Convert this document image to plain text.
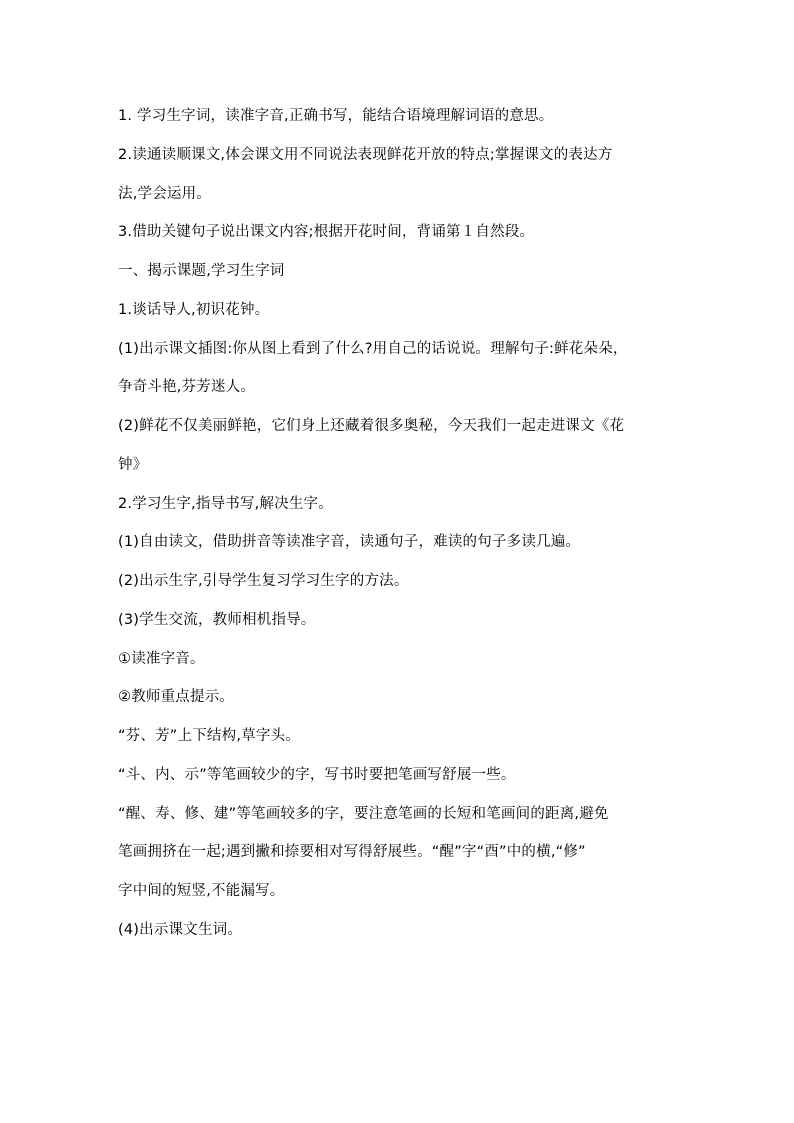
1. 学习生字词，读准字音,正确书写，能结合语境理解词语的意思。
2.读通读顺课文,体会课文用不同说法表现鲜花开放的特点;掌握课文的表达方
法,学会运用。
3.借助关键句子说出课文内容;根据开花时间，背诵第１自然段。
一、揭示课题,学习生字词
1.谈话导人,初识花钟。
(1)出示课文插图:你从图上看到了什么?用自己的话说说。理解句子:鲜花朵朵，
争奇斗艳,芬芳迷人。
(2)鲜花不仅美丽鲜艳，它们身上还藏着很多奥秘，今天我们一起走进课文《花
钟》
2.学习生字,指导书写,解决生字。
(1)自由读文，借助拼音等读准字音，读通句子，难读的句子多读几遍。
(2)出示生字,引导学生复习学习生字的方法。
(3)学生交流，教师相机指导。
①读准字音。
②教师重点提示。
“芬、芳”上下结构,草字头。
“斗、内、示”等笔画较少的字，写书时要把笔画写舒展一些。
“醒、寿、修、建”等笔画较多的字，要注意笔画的长短和笔画间的距离,避免
笔画拥挤在一起;遇到撇和捺要相对写得舒展些。“醒”字“酉”中的横,“修”
字中间的短竖,不能漏写。
(4)出示课文生词。
